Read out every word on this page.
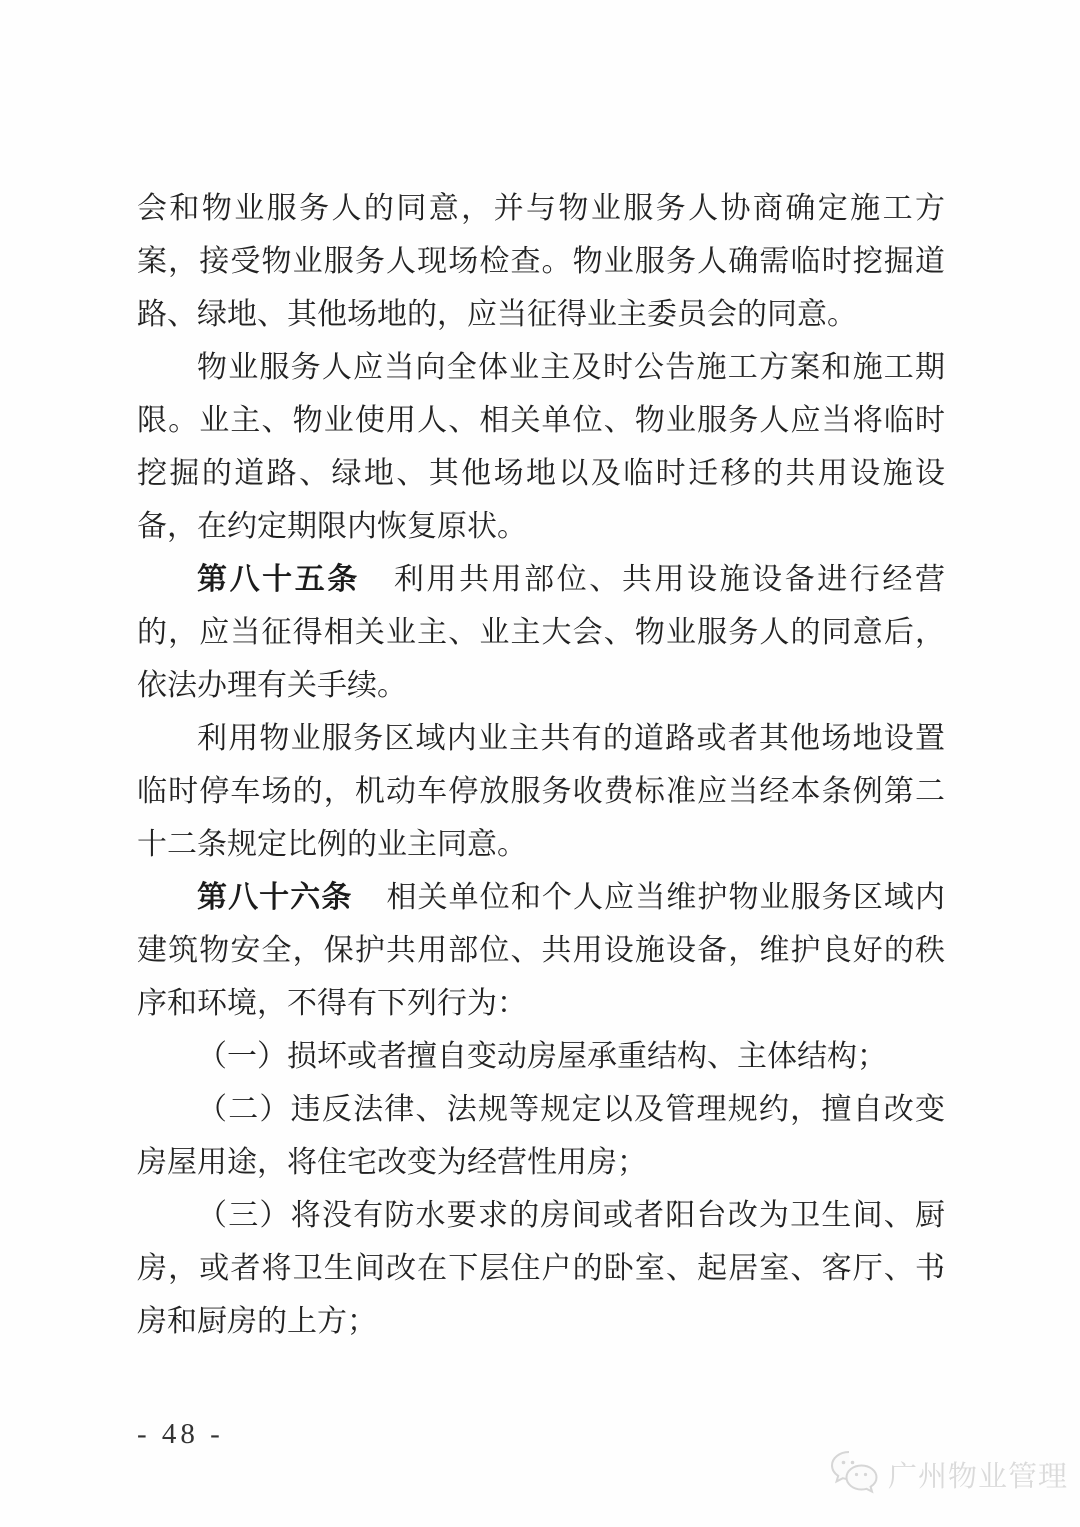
会和物业服务人的同意，并与物业服务人协商确定施工方案，接受物业服务人现场检查。物业服务人确需临时挖掘道路、绿地、其他场地的，应当征得业主委员会的同意。

物业服务人应当向全体业主及时公告施工方案和施工期限。业主、物业使用人、相关单位、物业服务人应当将临时挖掘的道路、绿地、其他场地以及临时迁移的共用设施设备，在约定期限内恢复原状。

第八十五条 利用共用部位、共用设施设备进行经营的，应当征得相关业主、业主大会、物业服务人的同意后，依法办理有关手续。

利用物业服务区域内业主共有的道路或者其他场地设置临时停车场的，机动车停放服务收费标准应当经本条例第二十二条规定比例的业主同意。

第八十六条 相关单位和个人应当维护物业服务区域内建筑物安全，保护共用部位、共用设施设备，维护良好的秩序和环境，不得有下列行为：

（一）损坏或者擅自变动房屋承重结构、主体结构；

（二）违反法律、法规等规定以及管理规约，擅自改变房屋用途，将住宅改变为经营性用房；

（三）将没有防水要求的房间或者阳台改为卫生间、厨房，或者将卫生间改在下层住户的卧室、起居室、客厅、书房和厨房的上方；

- 48 -
广州物业管理
